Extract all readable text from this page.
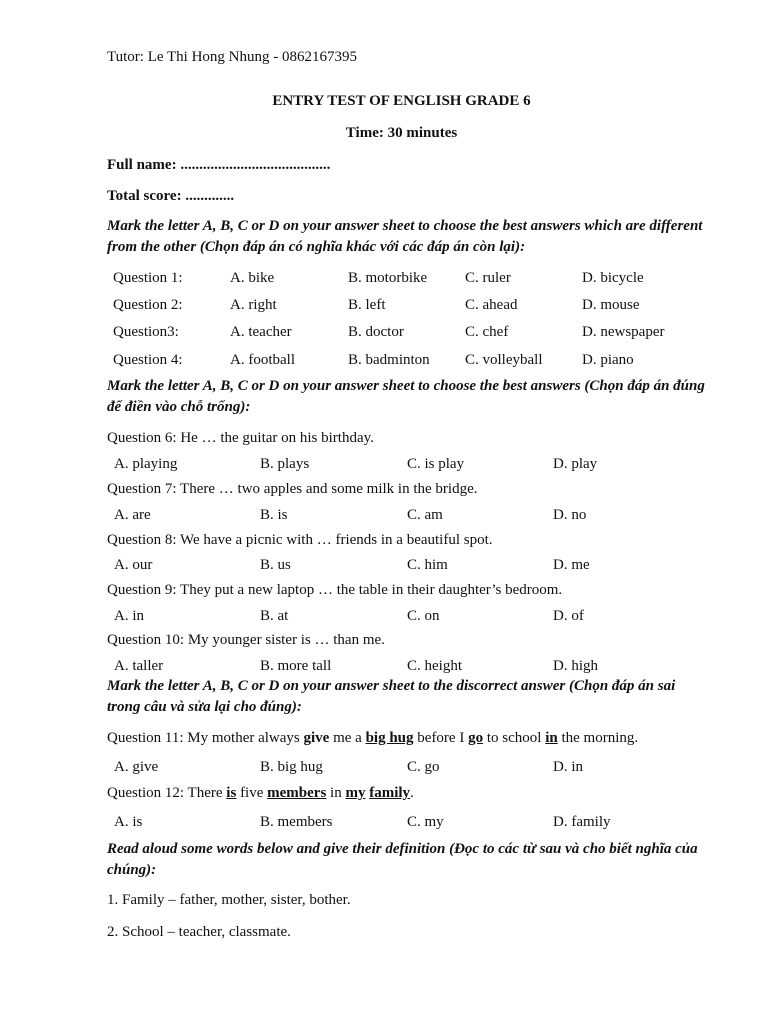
Tutor: Le Thi Hong Nhung - 0862167395
ENTRY TEST OF ENGLISH GRADE 6
Time: 30 minutes
Full name: ........................................
Total score: .............
Mark the letter A, B, C or D on your answer sheet to choose the best answers which are different from the other (Chọn đáp án có nghĩa khác với các đáp án còn lại):
Question 1:	A. bike	B. motorbike	C. ruler	D. bicycle
Question 2:	A. right	B. left	C. ahead	D. mouse
Question3:	A. teacher	B. doctor	C. chef	D. newspaper
Question 4:	A. football	B. badminton C. volleyball	D. piano
Mark the letter A, B, C or D on your answer sheet to choose the best answers (Chọn đáp án đúng để điền vào chỗ trống):
Question 6: He … the guitar on his birthday.
A. playing	B. plays	C. is play	D. play
Question 7: There … two apples and some milk in the bridge.
A. are	B. is	C. am	D. no
Question 8: We have a picnic with … friends in a beautiful spot.
A. our	B. us	C. him	D. me
Question 9: They put a new laptop … the table in their daughter’s bedroom.
A. in	B. at	C. on	D. of
Question 10: My younger sister is … than me.
A. taller	B. more tall	C. height	D. high
Mark the letter A, B, C or D on your answer sheet to the discorrect answer (Chọn đáp án sai trong câu và sửa lại cho đúng):
Question 11: My mother always give me a big hug before I go to school in the morning.
A. give	B. big hug	C. go	D. in
Question 12: There is five members in my family.
A. is	B. members	C. my	D. family
Read aloud some words below and give their definition (Đọc to các từ sau và cho biết nghĩa của chúng):
1. Family – father, mother, sister, bother.
2. School – teacher, classmate.
